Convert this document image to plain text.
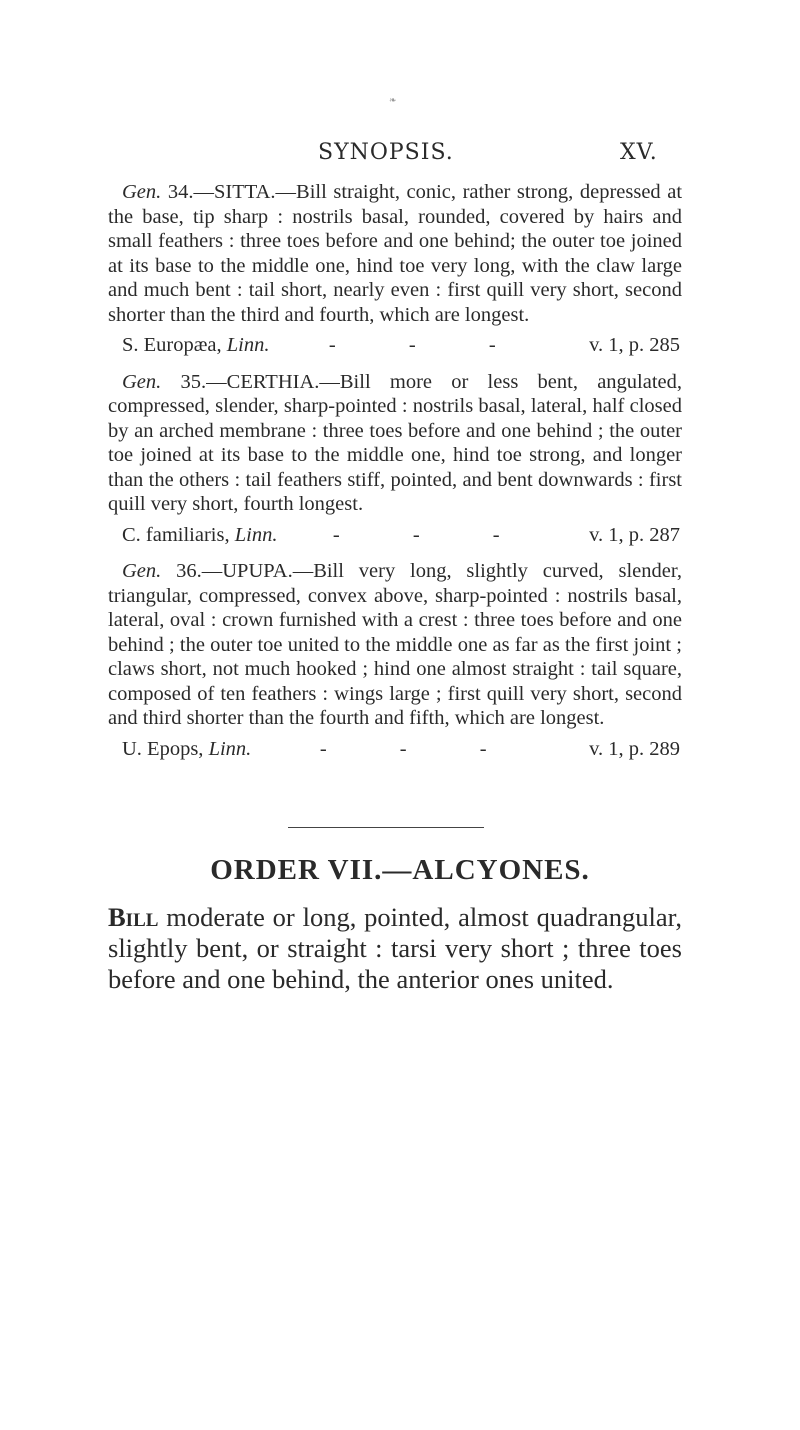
❧
SYNOPSIS.	XV.

Gen. 34.—SITTA.—Bill straight, conic, rather strong, depressed at the base, tip sharp : nostrils basal, rounded, covered by hairs and small feathers : three toes before and one behind; the outer toe joined at its base to the middle one, hind toe very long, with the claw large and much bent : tail short, nearly even : first quill very short, second shorter than the third and fourth, which are longest.

S. Europæa, Linn.	- - -	v. 1, p. 285

Gen. 35.—CERTHIA.—Bill more or less bent, angulated, compressed, slender, sharp-pointed : nostrils basal, lateral, half closed by an arched membrane : three toes before and one behind ; the outer toe joined at its base to the middle one, hind toe strong, and longer than the others : tail feathers stiff, pointed, and bent downwards : first quill very short, fourth longest.

C. familiaris, Linn.	- - -	v. 1, p. 287

Gen. 36.—UPUPA.—Bill very long, slightly curved, slender, triangular, compressed, convex above, sharp-pointed : nostrils basal, lateral, oval : crown furnished with a crest : three toes before and one behind ; the outer toe united to the middle one as far as the first joint ; claws short, not much hooked ; hind one almost straight : tail square, composed of ten feathers : wings large ; first quill very short, second and third shorter than the fourth and fifth, which are longest.

U. Epops, Linn.	- - -	v. 1, p. 289
ORDER VII.—ALCYONES.
Bill moderate or long, pointed, almost quadrangular, slightly bent, or straight : tarsi very short ; three toes before and one behind, the anterior ones united.
